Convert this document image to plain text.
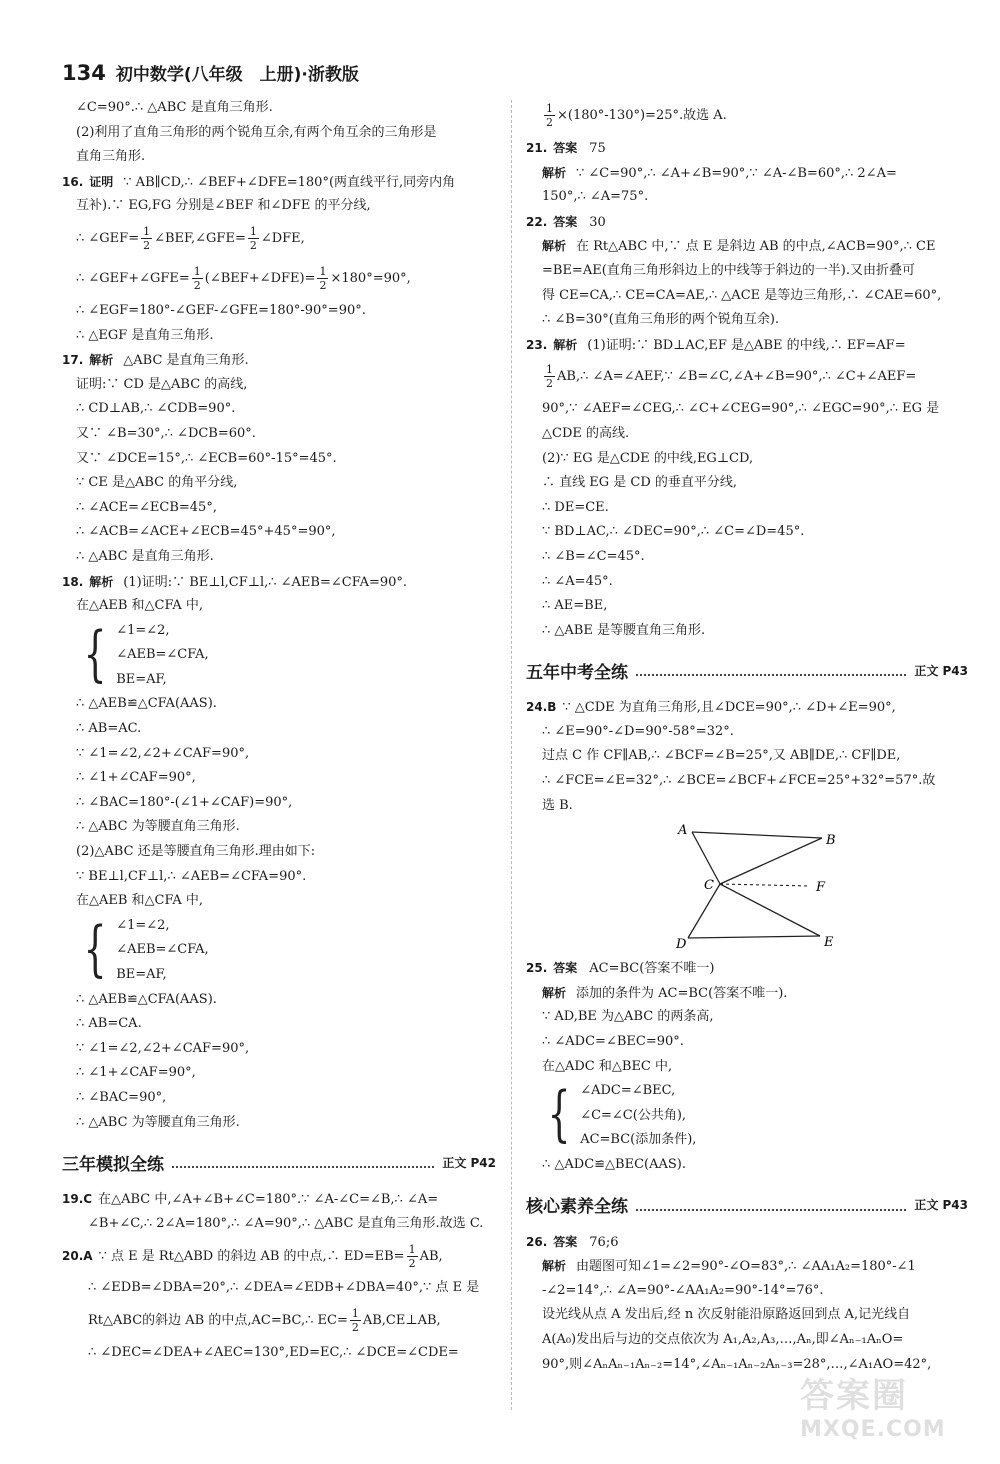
134 初中数学(八年级　上册)·浙教版
∠C=90°.∴ △ABC 是直角三角形.
(2)利用了直角三角形的两个锐角互余,有两个角互余的三角形是
直角三角形.
16. 证明 ∵ AB∥CD,∴ ∠BEF+∠DFE=180°(两直线平行,同旁内角
互补).∵ EG,FG 分别是∠BEF 和∠DFE 的平分线,
∴ ∠GEF= $\frac{1}{2}$ ∠BEF,∠GFE= $\frac{1}{2}$ ∠DFE,
∴ ∠GEF+∠GFE= $\frac{1}{2}$ (∠BEF+∠DFE)= $\frac{1}{2} \times 180^\circ=90^\circ$,
∴ ∠EGF=180°-∠GEF-∠GFE=180°-90°=90°.
∴ △EGF 是直角三角形.
17. 解析 △ABC 是直角三角形.
证明:∵ CD 是△ABC 的高线,
∴ CD⊥AB,∴ ∠CDB=90°.
又∵ ∠B=30°,∴ ∠DCB=60°.
又∵ ∠DCE=15°,∴ ∠ECB=60°-15°=45°.
∵ CE 是△ABC 的角平分线,
∴ ∠ACE=∠ECB=45°,
∴ ∠ACB=∠ACE+∠ECB=45°+45°=90°,
∴ △ABC 是直角三角形.
18. 解析 (1)证明:∵ BE⊥l,CF⊥l,∴ ∠AEB=∠CFA=90°.
在△AEB 和△CFA 中,
{ ∠1=∠2,
∠AEB=∠CFA,
BE=AF,
∴ △AEB≌△CFA(AAS).
∴ AB=AC.
∵ ∠1=∠2,∠2+∠CAF=90°,
∴ ∠1+∠CAF=90°,
∴ ∠BAC=180°-(∠1+∠CAF)=90°,
∴ △ABC 为等腰直角三角形.
(2)△ABC 还是等腰直角三角形.理由如下:
∵ BE⊥l,CF⊥l,∴ ∠AEB=∠CFA=90°.
在△AEB 和△CFA 中,
{ ∠1=∠2,
∠AEB=∠CFA,
BE=AF,
∴ △AEB≌△CFA(AAS).
∴ AB=CA.
∵ ∠1=∠2,∠2+∠CAF=90°,
∴ ∠1+∠CAF=90°,
∴ ∠BAC=90°,
∴ △ABC 为等腰直角三角形.
三年模拟全练	正文 P42
19.C 在△ABC 中,∠A+∠B+∠C=180°.∵ ∠A-∠C=∠B,∴ ∠A=
∠B+∠C,∴ 2∠A=180°,∴ ∠A=90°,∴ △ABC 是直角三角形.故选 C.
20.A ∵ 点 E 是 Rt△ABD 的斜边 AB 的中点,∴ $ED=EB= \frac{1}{2}$ AB,
∴ ∠EDB=∠DBA=20°,∴ ∠DEA=∠EDB+∠DBA=40°,∵ 点 E 是
Rt△ABC的斜边 AB 的中点,AC=BC,∴ $EC= \frac{1}{2}$ AB,CE⊥AB,
∴ ∠DEC=∠DEA+∠AEC=130°,ED=EC,∴ ∠DCE=∠CDE=
$\frac{1}{2} \times(180^\circ-130^\circ)=25^\circ$.故选 A.
21. 答案 75
解析 ∵ ∠C=90°,∴ ∠A+∠B=90°,∵ ∠A-∠B=60°,∴ 2∠A=
150°,∴ ∠A=75°.
22. 答案 30
解析 在 Rt△ABC 中,∵ 点 E 是斜边 AB 的中点,∠ACB=90°,∴ CE
=BE=AE(直角三角形斜边上的中线等于斜边的一半).又由折叠可
得 CE=CA,∴ CE=CA=AE,∴ △ACE 是等边三角形,∴ ∠CAE=60°,
∴ ∠B=30°(直角三角形的两个锐角互余).
23. 解析 (1)证明:∵ BD⊥AC,EF 是△ABE 的中线,∴ EF=AF=
$\frac{1}{2}$ AB,∴ ∠A=∠AEF,∵ ∠B=∠C,∠A+∠B=90°,∴ ∠C+∠AEF=
90°,∵ ∠AEF=∠CEG,∴ ∠C+∠CEG=90°,∴ ∠EGC=90°,∴ EG 是
△CDE 的高线.
(2)∵ EG 是△CDE 的中线,EG⊥CD,
∴ 直线 EG 是 CD 的垂直平分线,
∴ DE=CE.
∵ BD⊥AC,∴ ∠DEC=90°,∴ ∠C=∠D=45°.
∴ ∠B=∠C=45°.
∴ ∠A=45°.
∴ AE=BE,
∴ △ABE 是等腰直角三角形.
五年中考全练	正文 P43
24.B ∵ △CDE 为直角三角形,且∠DCE=90°,∴ ∠D+∠E=90°,
∴ ∠E=90°-∠D=90°-58°=32°.
过点 C 作 CF∥AB,∴ ∠BCF=∠B=25°,又 AB∥DE,∴ CF∥DE,
∴ ∠FCE=∠E=32°,∴ ∠BCE=∠BCF+∠FCE=25°+32°=57°.故
选 B.
A
B
C	F
D	E
25. 答案 AC=BC(答案不唯一)
解析 添加的条件为 AC=BC(答案不唯一).
∵ AD,BE 为△ABC 的两条高,
∴ ∠ADC=∠BEC=90°.
在△ADC 和△BEC 中,
{ ∠ADC=∠BEC,
∠C=∠C(公共角),
AC=BC(添加条件),
∴ △ADC≌△BEC(AAS).
核心素养全练	正文 P43
26. 答案 76;6
解析 由题图可知∠1=∠2=90°-∠O=83°,∴ ∠AA₁A₂=180°-∠1
-∠2=14°,∴ ∠A=90°-∠AA₁A₂=90°-14°=76°.
设光线从点 A 发出后,经 n 次反射能沿原路返回到点 A,记光线自
A(A₀)发出后与边的交点依次为 A₁,A₂,A₃,…,Aₙ,即∠Aₙ₋₁AₙO=
90°,则∠AₙAₙ₋₁Aₙ₋₂=14°,∠Aₙ₋₁Aₙ₋₂Aₙ₋₃=28°,…,∠A₁AO=42°,
答案圈
MXQE.COM
